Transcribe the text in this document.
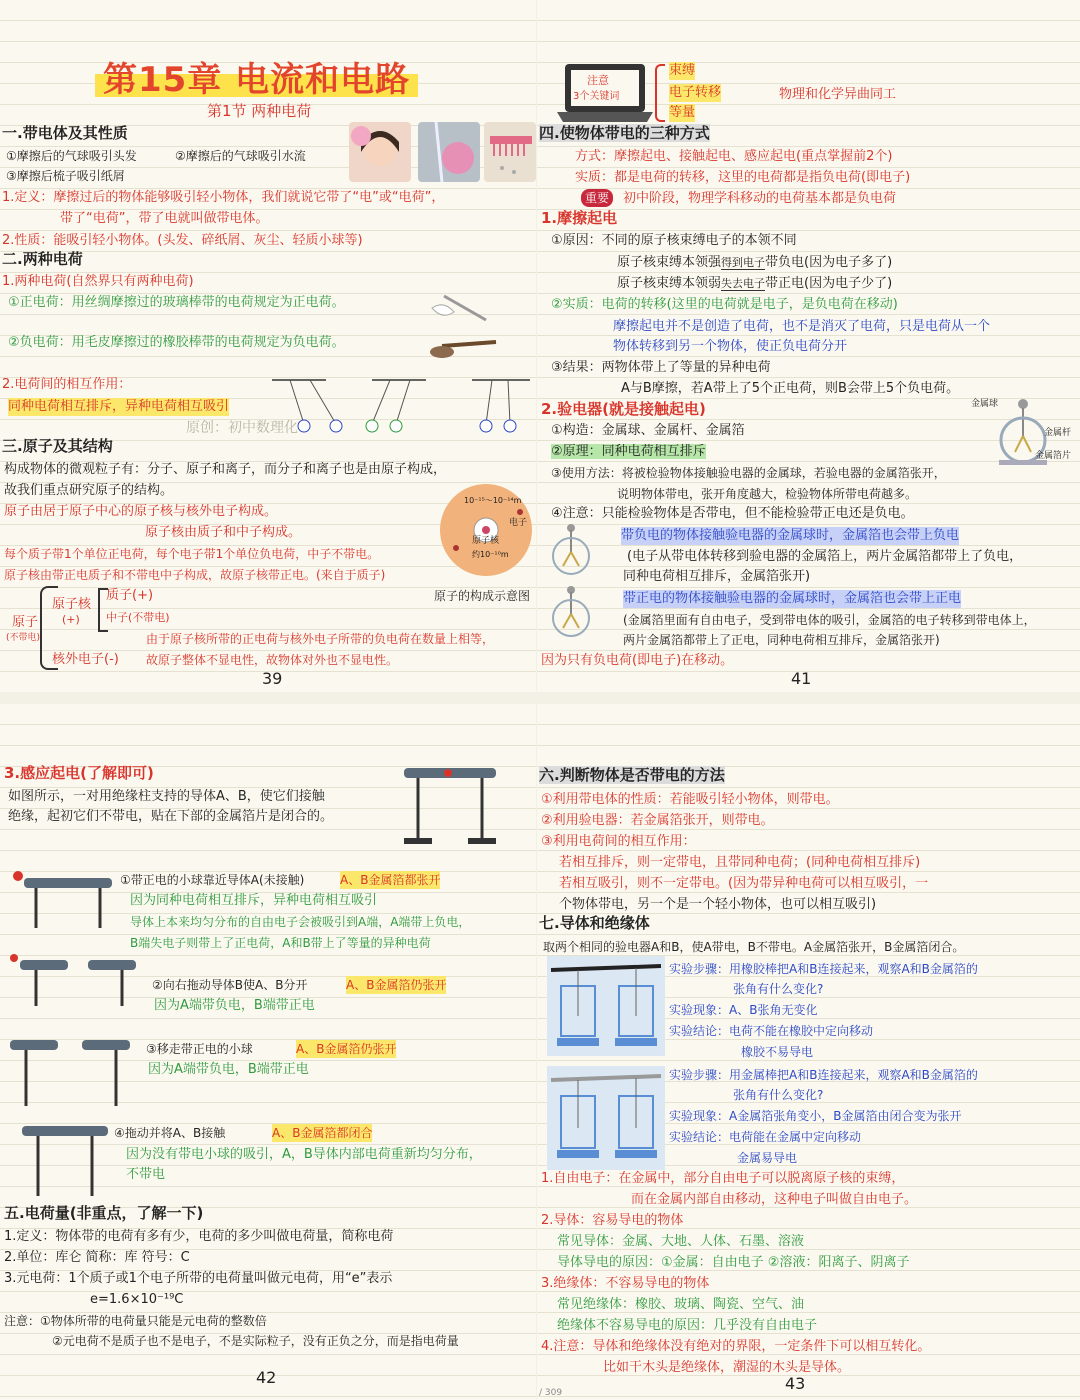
第15章 电流和电路
第1节 两种电荷
一.带电体及其性质
①摩擦后的气球吸引头发	②摩擦后的气球吸引水流
③摩擦后梳子吸引纸屑
1.定义：摩擦过后的物体能够吸引轻小物体，我们就说它带了“电”或“电荷”，
带了“电荷”，带了电就叫做带电体。
2.性质：能吸引轻小物体。(头发、碎纸屑、灰尘、轻质小球等)
二.两种电荷
1.两种电荷(自然界只有两种电荷)
①正电荷：用丝绸摩擦过的玻璃棒带的电荷规定为正电荷。
②负电荷：用毛皮摩擦过的橡胶棒带的电荷规定为负电荷。
2.电荷间的相互作用：
同种电荷相互排斥，异种电荷相互吸引
原创：初中数理化
三.原子及其结构
构成物体的微观粒子有：分子、原子和离子，而分子和离子也是由原子构成，
故我们重点研究原子的结构。
原子由居于原子中心的原子核与核外电子构成。
原子核由质子和中子构成。
每个质子带1个单位正电荷，每个电子带1个单位负电荷，中子不带电。
原子核由带正电质子和不带电中子构成，故原子核带正电。(来自于质子)
10⁻¹⁵～10⁻¹⁴m
电子
原子核
约10⁻¹⁰m
原子的构成示意图
原子
(不带电)
原子核
(+)
质子(+)
中子(不带电)
核外电子(-)
由于原子核所带的正电荷与核外电子所带的负电荷在数量上相等，
故原子整体不显电性，故物体对外也不显电性。
39
注意
3个关键词
束缚
电子转移
等量
物理和化学异曲同工
四.使物体带电的三种方式
方式：摩擦起电、接触起电、感应起电(重点掌握前2个)
实质：都是电荷的转移，这里的电荷都是指负电荷(即电子)
重要	初中阶段，物理学科移动的电荷基本都是负电荷
1.摩擦起电
①原因：不同的原子核束缚电子的本领不同
原子核束缚本领强得到电子带负电(因为电子多了)
原子核束缚本领弱失去电子带正电(因为电子少了)
②实质：电荷的转移(这里的电荷就是电子，是负电荷在移动)
摩擦起电并不是创造了电荷，也不是消灭了电荷，只是电荷从一个
物体转移到另一个物体，使正负电荷分开
③结果：两物体带上了等量的异种电荷
A与B摩擦，若A带上了5个正电荷，则B会带上5个负电荷。
2.验电器(就是接触起电)
①构造：金属球、金属杆、金属箔
②原理：同种电荷相互排斥
③使用方法：将被检验物体接触验电器的金属球，若验电器的金属箔张开，
说明物体带电，张开角度越大，检验物体所带电荷越多。
④注意：只能检验物体是否带电，但不能检验带正电还是负电。
金属球
金属杆
金属箔片
带负电的物体接触验电器的金属球时，金属箔也会带上负电
(电子从带电体转移到验电器的金属箔上，两片金属箔都带上了负电，
同种电荷相互排斥，金属箔张开)
带正电的物体接触验电器的金属球时，金属箔也会带上正电
(金属箔里面有自由电子，受到带电体的吸引，金属箔的电子转移到带电体上，
两片金属箔都带上了正电，同种电荷相互排斥，金属箔张开)
因为只有负电荷(即电子)在移动。
41
3.感应起电(了解即可)
如图所示，一对用绝缘柱支持的导体A、B，使它们接触
绝缘，起初它们不带电，贴在下部的金属箔片是闭合的。
①带正电的小球靠近导体A(未接触)	A、B金属箔都张开
因为同种电荷相互排斥，异种电荷相互吸引
导体上本来均匀分布的自由电子会被吸引到A端，A端带上负电，
B端失电子则带上了正电荷，A和B带上了等量的异种电荷
②向右拖动导体B使A、B分开	A、B金属箔仍张开
因为A端带负电，B端带正电
③移走带正电的小球	A、B金属箔仍张开
因为A端带负电，B端带正电
④拖动并将A、B接触	A、B金属箔都闭合
因为没有带电小球的吸引，A，B导体内部电荷重新均匀分布，
不带电
五.电荷量(非重点，了解一下)
1.定义：物体带的电荷有多有少，电荷的多少叫做电荷量，简称电荷
2.单位：库仑 简称：库 符号：C
3.元电荷：1个质子或1个电子所带的电荷量叫做元电荷，用“e”表示
e=1.6×10⁻¹⁹C
注意：①物体所带的电荷量只能是元电荷的整数倍
②元电荷不是质子也不是电子，不是实际粒子，没有正负之分，而是指电荷量
42
六.判断物体是否带电的方法
①利用带电体的性质：若能吸引轻小物体，则带电。
②利用验电器：若金属箔张开，则带电。
③利用电荷间的相互作用：
若相互排斥，则一定带电，且带同种电荷；(同种电荷相互排斥)
若相互吸引，则不一定带电。(因为带异种电荷可以相互吸引，一
个物体带电，另一个是一个轻小物体，也可以相互吸引)
七.导体和绝缘体
取两个相同的验电器A和B，使A带电，B不带电。A金属箔张开，B金属箔闭合。
实验步骤：用橡胶棒把A和B连接起来，观察A和B金属箔的
张角有什么变化?
实验现象：A、B张角无变化
实验结论：电荷不能在橡胶中定向移动
橡胶不易导电
实验步骤：用金属棒把A和B连接起来，观察A和B金属箔的
张角有什么变化?
实验现象：A金属箔张角变小，B金属箔由闭合变为张开
实验结论：电荷能在金属中定向移动
金属易导电
1.自由电子：在金属中，部分自由电子可以脱离原子核的束缚，
而在金属内部自由移动，这种电子叫做自由电子。
2.导体：容易导电的物体
常见导体：金属、大地、人体、石墨、溶液
导体导电的原因：①金属：自由电子 ②溶液：阳离子、阴离子
3.绝缘体：不容易导电的物体
常见绝缘体：橡胶、玻璃、陶瓷、空气、油
绝缘体不容易导电的原因：几乎没有自由电子
4.注意：导体和绝缘体没有绝对的界限，一定条件下可以相互转化。
比如干木头是绝缘体，潮湿的木头是导体。
43
/ 309
